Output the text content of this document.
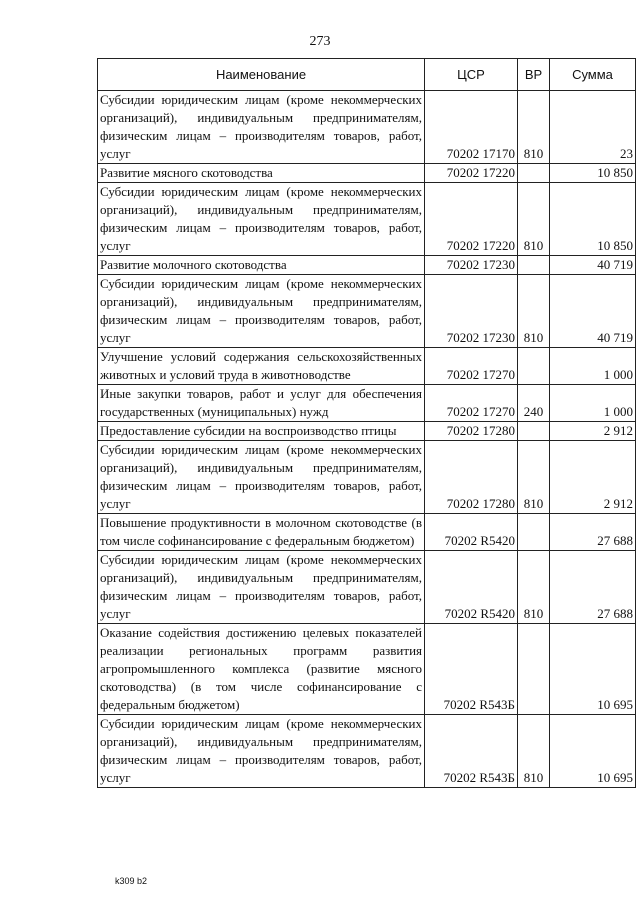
273
Наименование	ЦСР	ВР	Сумма
Субсидии юридическим лицам (кроме некоммерческих организаций), индивидуальным предпринимателям, физическим лицам – производителям товаров, работ, услуг	70202 17170	810	23
Развитие мясного скотоводства	70202 17220		10 850
Субсидии юридическим лицам (кроме некоммерческих организаций), индивидуальным предпринимателям, физическим лицам – производителям товаров, работ, услуг	70202 17220	810	10 850
Развитие молочного скотоводства	70202 17230		40 719
Субсидии юридическим лицам (кроме некоммерческих организаций), индивидуальным предпринимателям, физическим лицам – производителям товаров, работ, услуг	70202 17230	810	40 719
Улучшение условий содержания сельскохозяйственных животных и условий труда в животноводстве	70202 17270		1 000
Иные закупки товаров, работ и услуг для обеспечения государственных (муниципальных) нужд	70202 17270	240	1 000
Предоставление субсидии на воспроизводство птицы	70202 17280		2 912
Субсидии юридическим лицам (кроме некоммерческих организаций), индивидуальным предпринимателям, физическим лицам – производителям товаров, работ, услуг	70202 17280	810	2 912
Повышение продуктивности в молочном скотоводстве (в том числе софинансирование с федеральным бюджетом)	70202 R5420		27 688
Субсидии юридическим лицам (кроме некоммерческих организаций), индивидуальным предпринимателям, физическим лицам – производителям товаров, работ, услуг	70202 R5420	810	27 688
Оказание содействия достижению целевых показателей реализации региональных программ развития агропромышленного комплекса (развитие мясного скотоводства) (в том числе софинансирование с федеральным бюджетом)	70202 R543Б		10 695
Субсидии юридическим лицам (кроме некоммерческих организаций), индивидуальным предпринимателям, физическим лицам – производителям товаров, работ, услуг	70202 R543Б	810	10 695
k309 b2
